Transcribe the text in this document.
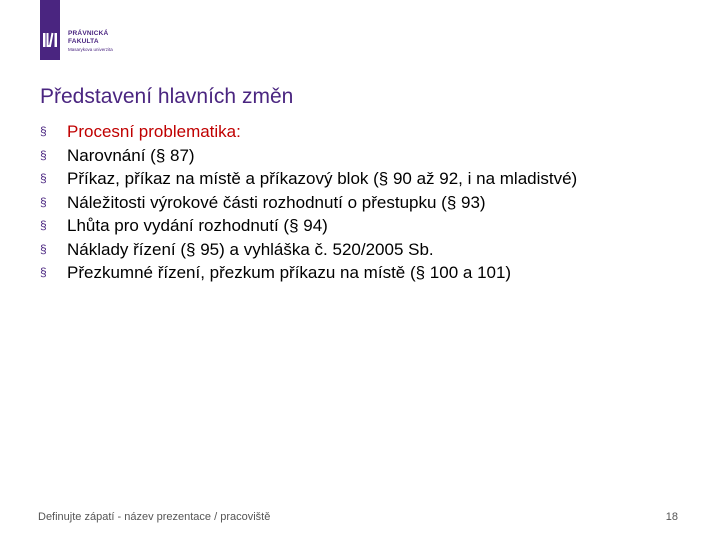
PRÁVNICKÁ
FAKULTA
Masarykova univerzita
Představení hlavních změn
§ Procesní problematika:
§ Narovnání (§ 87)
§ Příkaz, příkaz na místě a příkazový blok (§ 90 až 92, i na mladistvé)
§ Náležitosti výrokové části rozhodnutí o přestupku (§ 93)
§ Lhůta pro vydání rozhodnutí (§ 94)
§ Náklady řízení (§ 95) a vyhláška č. 520/2005 Sb.
§ Přezkumné řízení, přezkum příkazu na místě (§ 100 a 101)
Definujte zápatí - název prezentace / pracoviště	18
